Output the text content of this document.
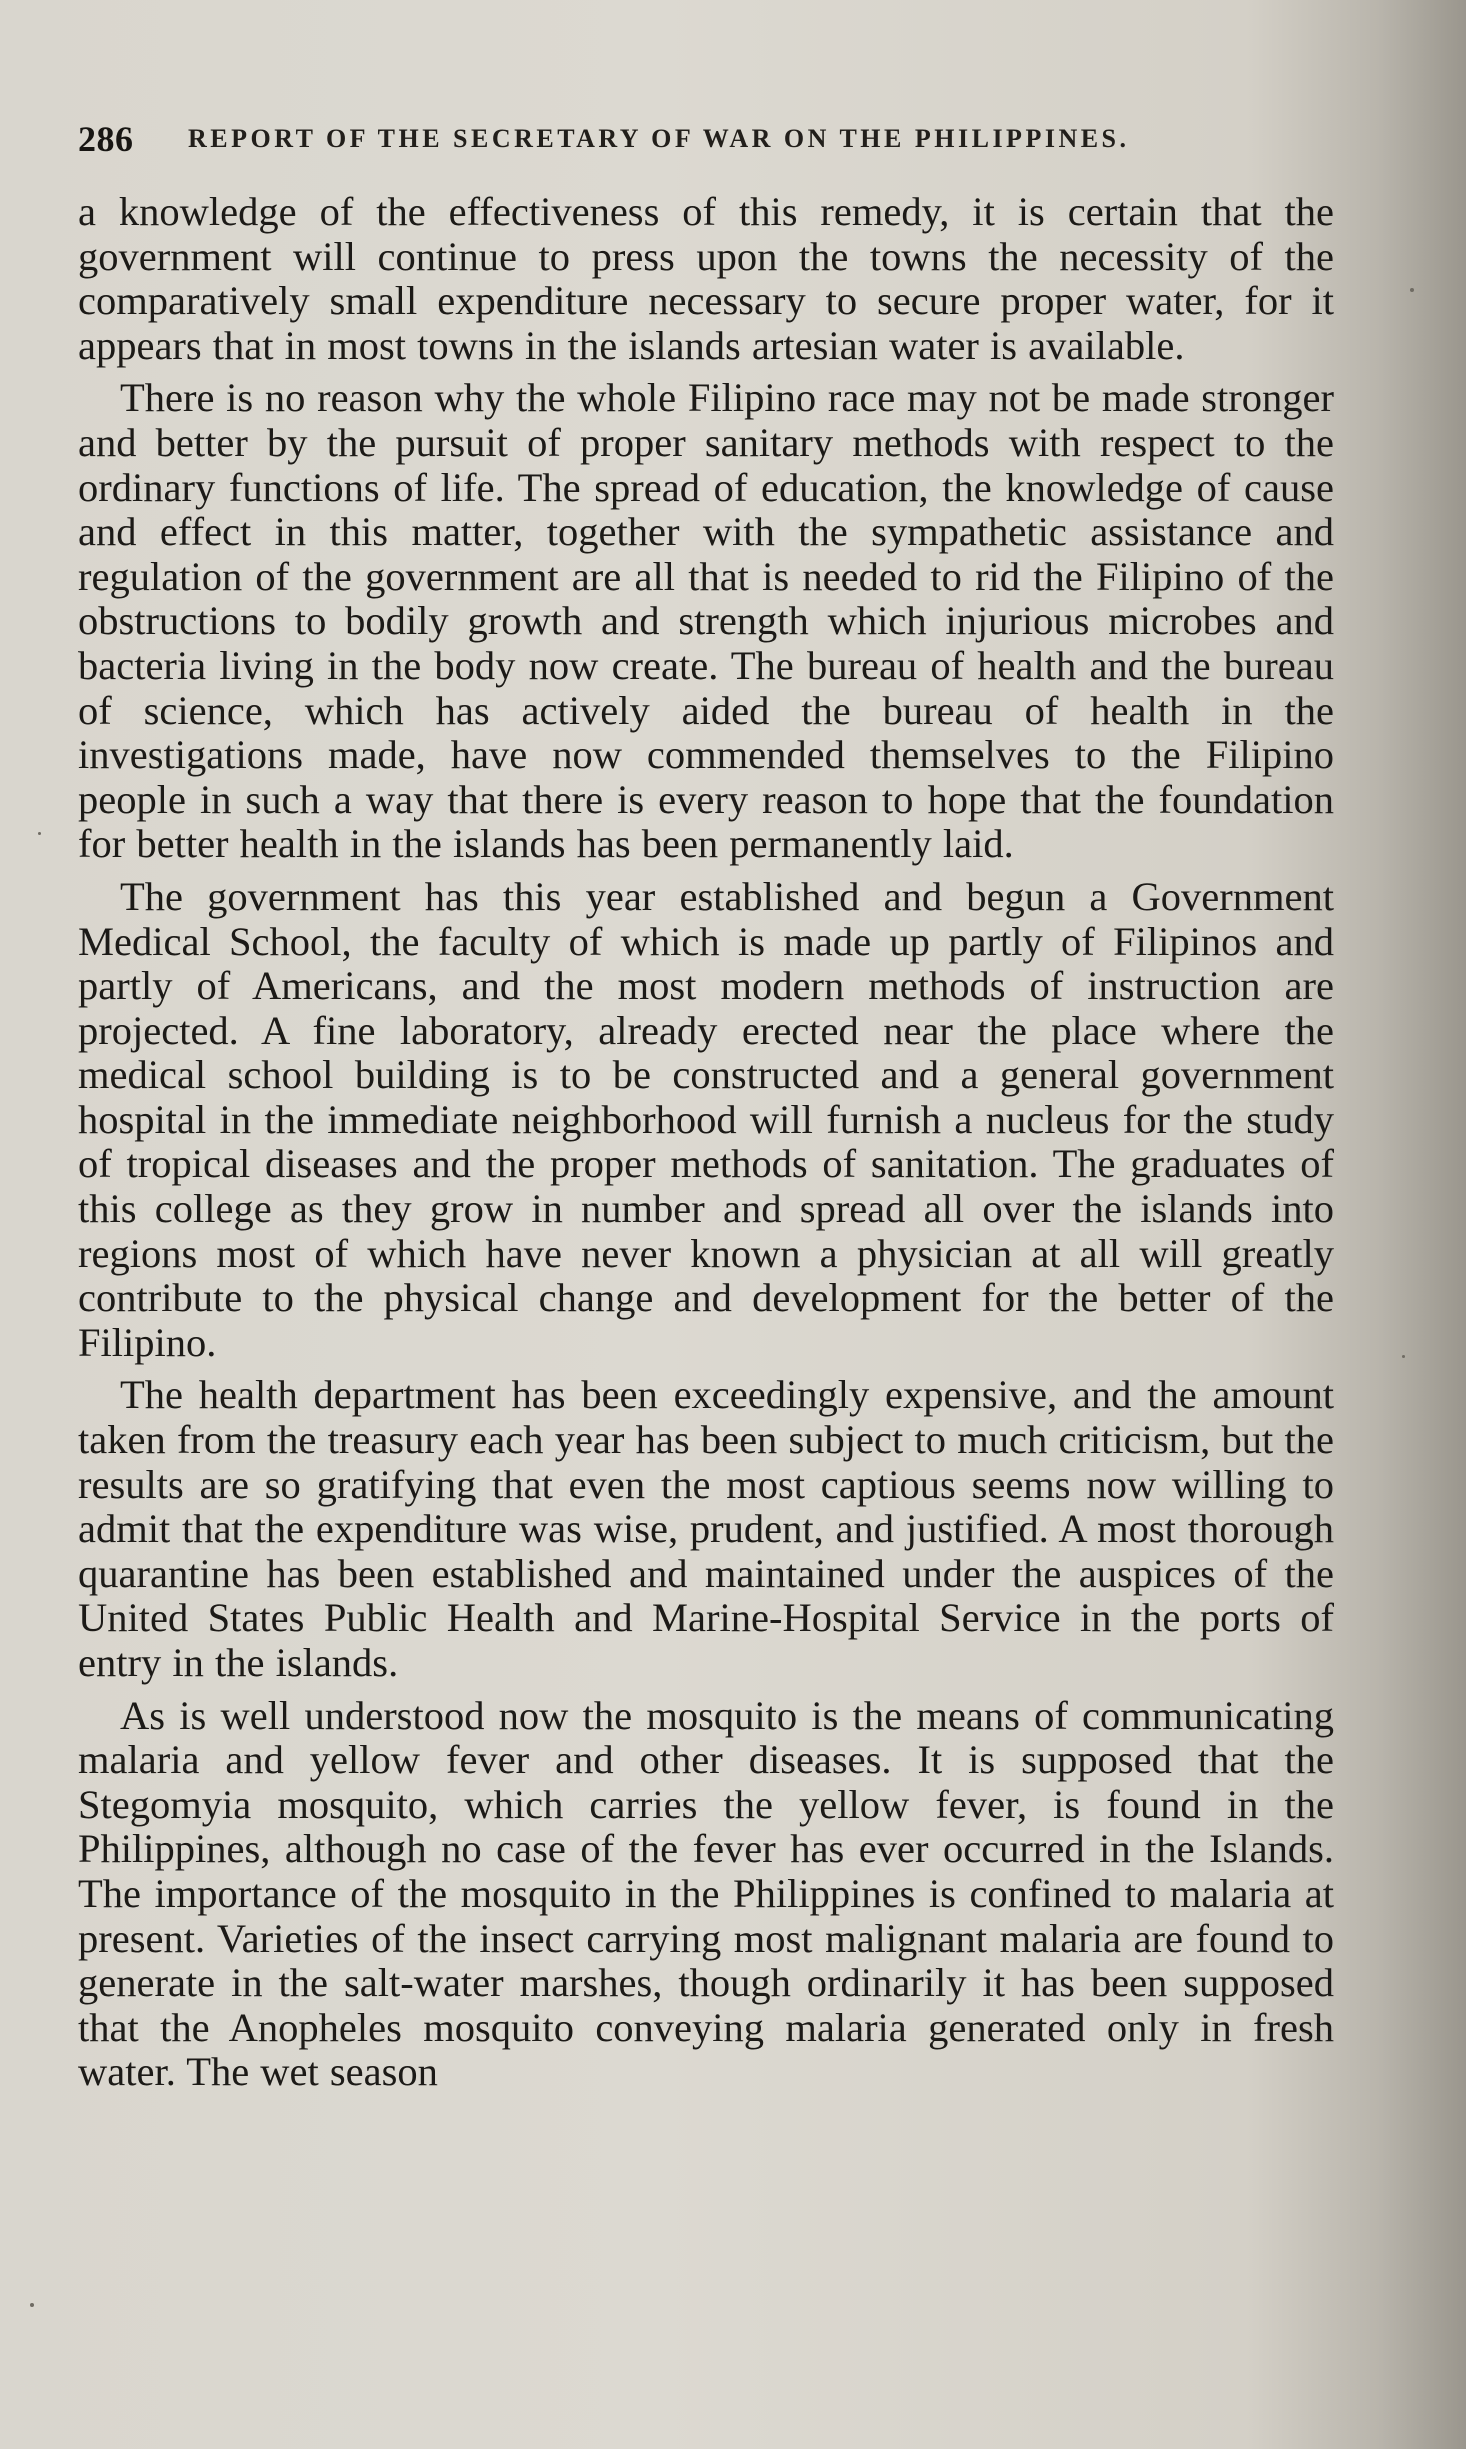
286 REPORT OF THE SECRETARY OF WAR ON THE PHILIPPINES.

a knowledge of the effectiveness of this remedy, it is certain that the government will continue to press upon the towns the necessity of the comparatively small expenditure necessary to secure proper water, for it appears that in most towns in the islands artesian water is available.

There is no reason why the whole Filipino race may not be made stronger and better by the pursuit of proper sanitary methods with respect to the ordinary functions of life. The spread of education, the knowledge of cause and effect in this matter, together with the sympathetic assistance and regulation of the government are all that is needed to rid the Filipino of the obstructions to bodily growth and strength which injurious microbes and bacteria living in the body now create. The bureau of health and the bureau of science, which has actively aided the bureau of health in the investigations made, have now commended themselves to the Filipino people in such a way that there is every reason to hope that the foundation for better health in the islands has been permanently laid.

The government has this year established and begun a Government Medical School, the faculty of which is made up partly of Filipinos and partly of Americans, and the most modern methods of instruction are projected. A fine laboratory, already erected near the place where the medical school building is to be constructed and a general government hospital in the immediate neighborhood will furnish a nucleus for the study of tropical diseases and the proper methods of sanitation. The graduates of this college as they grow in number and spread all over the islands into regions most of which have never known a physician at all will greatly contribute to the physical change and development for the better of the Filipino.

The health department has been exceedingly expensive, and the amount taken from the treasury each year has been subject to much criticism, but the results are so gratifying that even the most captious seems now willing to admit that the expenditure was wise, prudent, and justified. A most thorough quarantine has been established and maintained under the auspices of the United States Public Health and Marine-Hospital Service in the ports of entry in the islands.

As is well understood now the mosquito is the means of communicating malaria and yellow fever and other diseases. It is supposed that the Stegomyia mosquito, which carries the yellow fever, is found in the Philippines, although no case of the fever has ever occurred in the Islands. The importance of the mosquito in the Philippines is confined to malaria at present. Varieties of the insect carrying most malignant malaria are found to generate in the salt-water marshes, though ordinarily it has been supposed that the Anopheles mosquito conveying malaria generated only in fresh water. The wet season
